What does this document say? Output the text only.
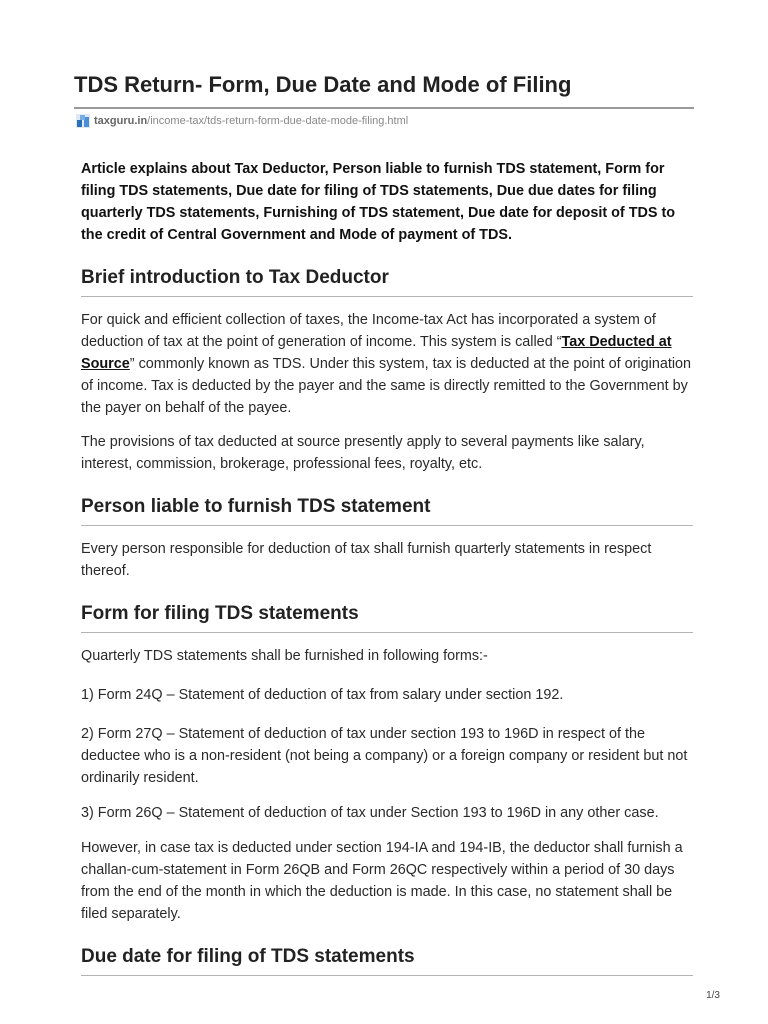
TDS Return- Form, Due Date and Mode of Filing
taxguru.in /income-tax/tds-return-form-due-date-mode-filing.html

Article explains about Tax Deductor, Person liable to furnish TDS statement, Form for filing TDS statements, Due date for filing of TDS statements, Due due dates for filing quarterly TDS statements, Furnishing of TDS statement, Due date for deposit of TDS to the credit of Central Government and Mode of payment of TDS.

Brief introduction to Tax Deductor

For quick and efficient collection of taxes, the Income-tax Act has incorporated a system of deduction of tax at the point of generation of income. This system is called “Tax Deducted at Source” commonly known as TDS. Under this system, tax is deducted at the point of origination of income. Tax is deducted by the payer and the same is directly remitted to the Government by the payer on behalf of the payee.

The provisions of tax deducted at source presently apply to several payments like salary, interest, commission, brokerage, professional fees, royalty, etc.

Person liable to furnish TDS statement

Every person responsible for deduction of tax shall furnish quarterly statements in respect thereof.

Form for filing TDS statements

Quarterly TDS statements shall be furnished in following forms:-

1) Form 24Q – Statement of deduction of tax from salary under section 192.

2) Form 27Q – Statement of deduction of tax under section 193 to 196D in respect of the deductee who is a non-resident (not being a company) or a foreign company or resident but not ordinarily resident.

3) Form 26Q – Statement of deduction of tax under Section 193 to 196D in any other case.

However, in case tax is deducted under section 194-IA and 194-IB, the deductor shall furnish a challan-cum-statement in Form 26QB and Form 26QC respectively within a period of 30 days from the end of the month in which the deduction is made. In this case, no statement shall be filed separately.

Due date for filing of TDS statements
1/3
